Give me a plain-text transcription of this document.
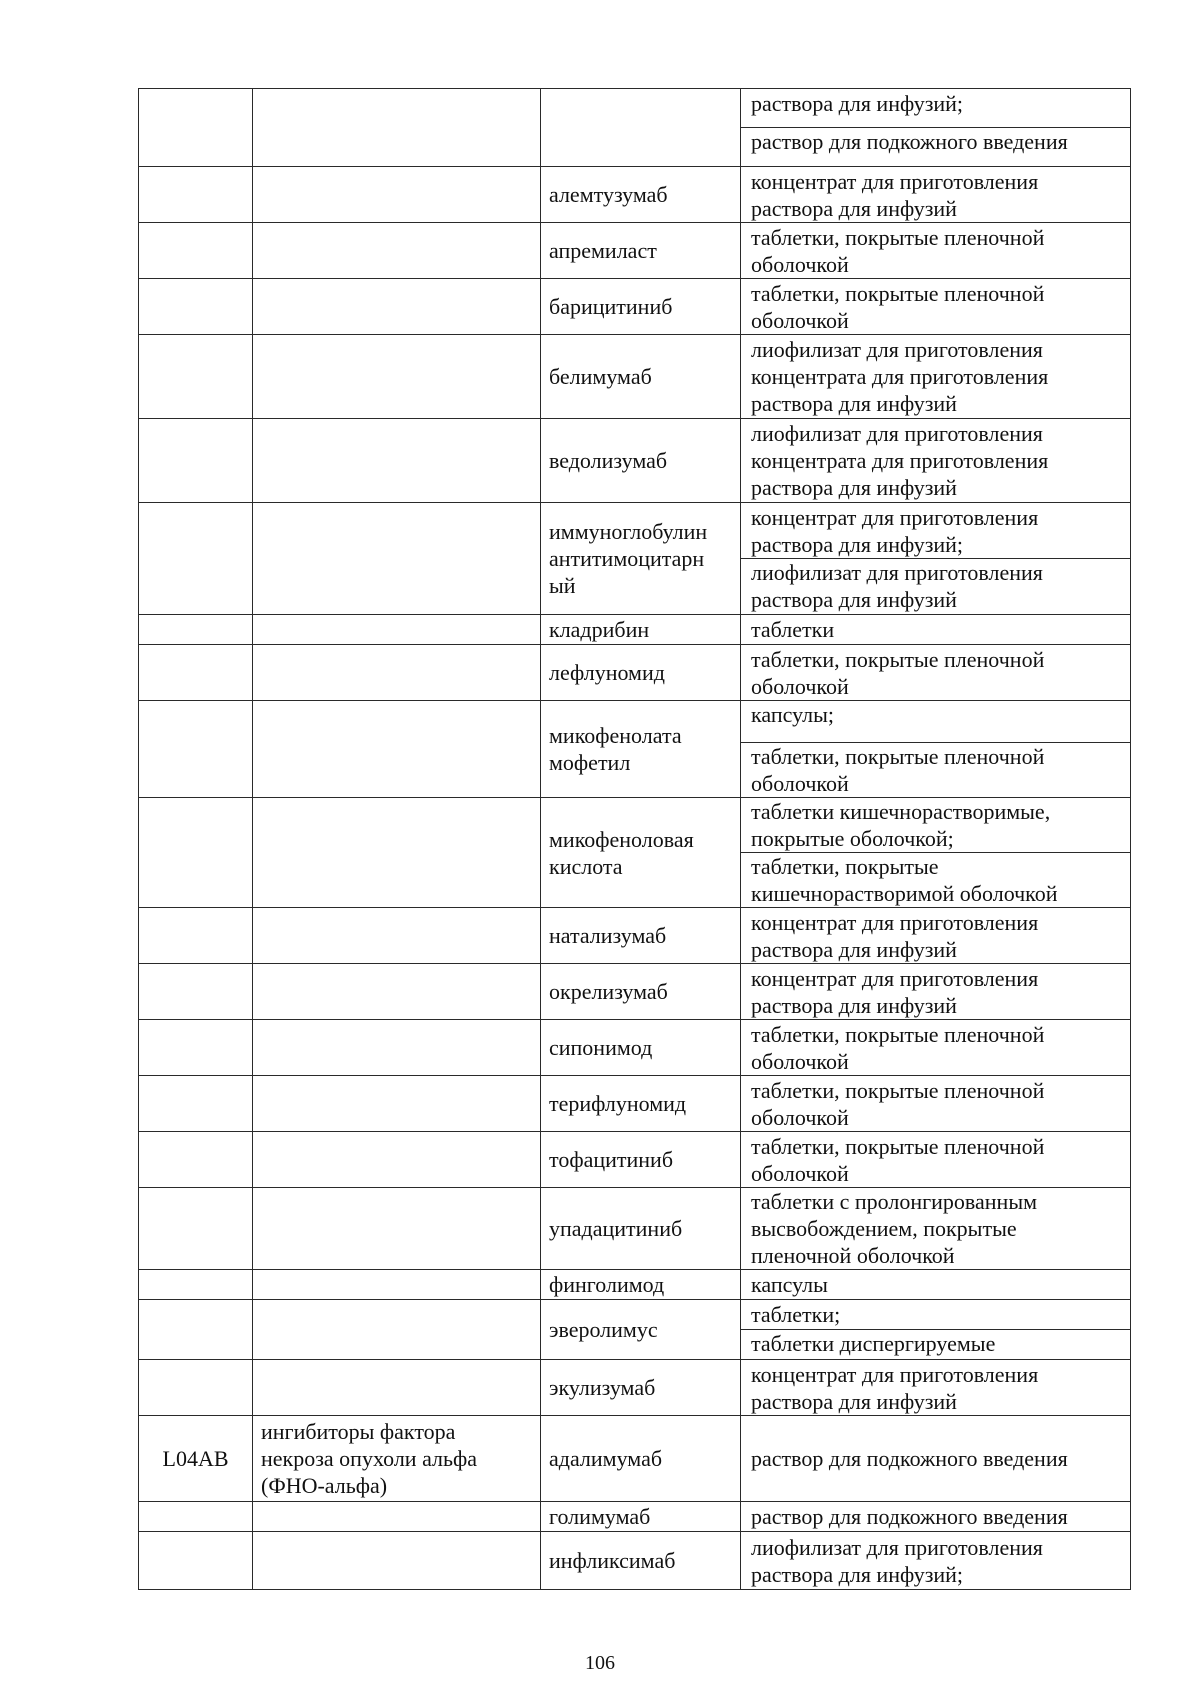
			раствора для инфузий;
раствор для подкожного введения

		алемтузумаб	концентрат для приготовления раствора для инфузий

		апремиласт	таблетки, покрытые пленочной оболочкой

		барицитиниб	таблетки, покрытые пленочной оболочкой

		белимумаб	лиофилизат для приготовления концентрата для приготовления раствора для инфузий

		ведолизумаб	лиофилизат для приготовления концентрата для приготовления раствора для инфузий

		иммуноглобулин антитимоцитарн ый	концентрат для приготовления раствора для инфузий;
лиофилизат для приготовления раствора для инфузий

		кладрибин	таблетки

		лефлуномид	таблетки, покрытые пленочной оболочкой

		микофенолата мофетил	капсулы;
таблетки, покрытые пленочной оболочкой

		микофеноловая кислота	таблетки кишечнорастворимые, покрытые оболочкой;
таблетки, покрытые кишечнорастворимой оболочкой

		натализумаб	концентрат для приготовления раствора для инфузий

		окрелизумаб	концентрат для приготовления раствора для инфузий

		сипонимод	таблетки, покрытые пленочной оболочкой

		терифлуномид	таблетки, покрытые пленочной оболочкой

		тофацитиниб	таблетки, покрытые пленочной оболочкой

		упадацитиниб	таблетки с пролонгированным высвобождением, покрытые пленочной оболочкой

		финголимод	капсулы

		эверолимус	таблетки;
таблетки диспергируемые

		экулизумаб	концентрат для приготовления раствора для инфузий

L04AB	ингибиторы фактора некроза опухоли альфа (ФНО-альфа)	адалимумаб	раствор для подкожного введения

		голимумаб	раствор для подкожного введения

		инфликсимаб	лиофилизат для приготовления раствора для инфузий;
106
